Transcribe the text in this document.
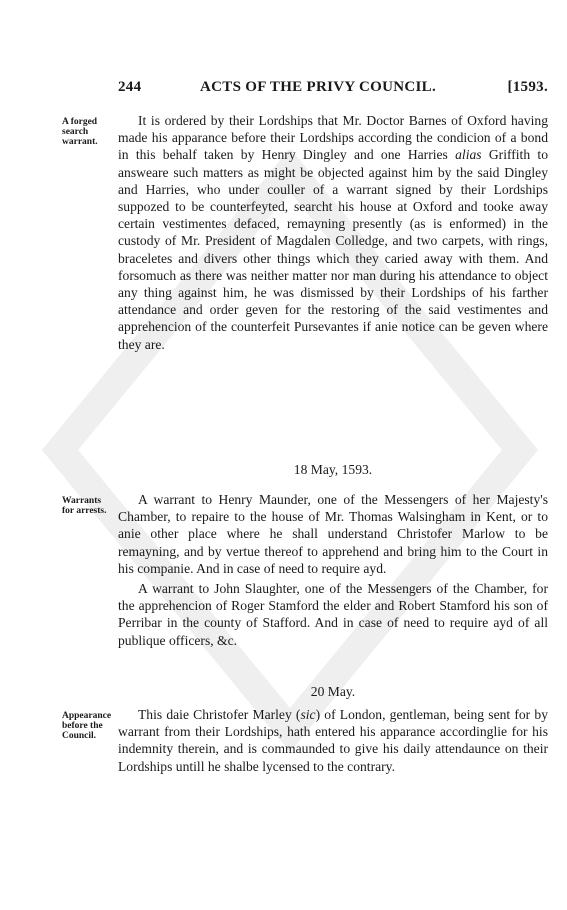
244	ACTS OF THE PRIVY COUNCIL.	[1593.
A forged search warrant.

It is ordered by their Lordships that Mr. Doctor Barnes of Oxford having made his apparance before their Lordships according the condicion of a bond in this behalf taken by Henry Dingley and one Harries alias Griffith to answeare such matters as might be objected against him by the said Dingley and Harries, who under couller of a warrant signed by their Lordships suppozed to be counterfeyted, searcht his house at Oxford and tooke away certain vestimentes defaced, remayning presently (as is enformed) in the custody of Mr. President of Magdalen Colledge, and two carpets, with rings, braceletes and divers other things which they caried away with them. And forsomuch as there was neither matter nor man during his attendance to object any thing against him, he was dismissed by their Lordships of his farther attendance and order geven for the restoring of the said vestimentes and apprehencion of the counterfeit Pursevantes if anie notice can be geven where they are.

18 May, 1593.
Warrants for arrests.

A warrant to Henry Maunder, one of the Messengers of her Majesty's Chamber, to repaire to the house of Mr. Thomas Walsingham in Kent, or to anie other place where he shall understand Christofer Marlow to be remayning, and by vertue thereof to apprehend and bring him to the Court in his companie. And in case of need to require ayd.

A warrant to John Slaughter, one of the Messengers of the Chamber, for the apprehencion of Roger Stamford the elder and Robert Stamford his son of Perribar in the county of Stafford. And in case of need to require ayd of all publique officers, &c.

20 May.
Appearance before the Council.

This daie Christofer Marley (sic) of London, gentleman, being sent for by warrant from their Lordships, hath entered his apparance accordinglie for his indemnity therein, and is commaunded to give his daily attendaunce on their Lordships untill he shalbe lycensed to the contrary.
